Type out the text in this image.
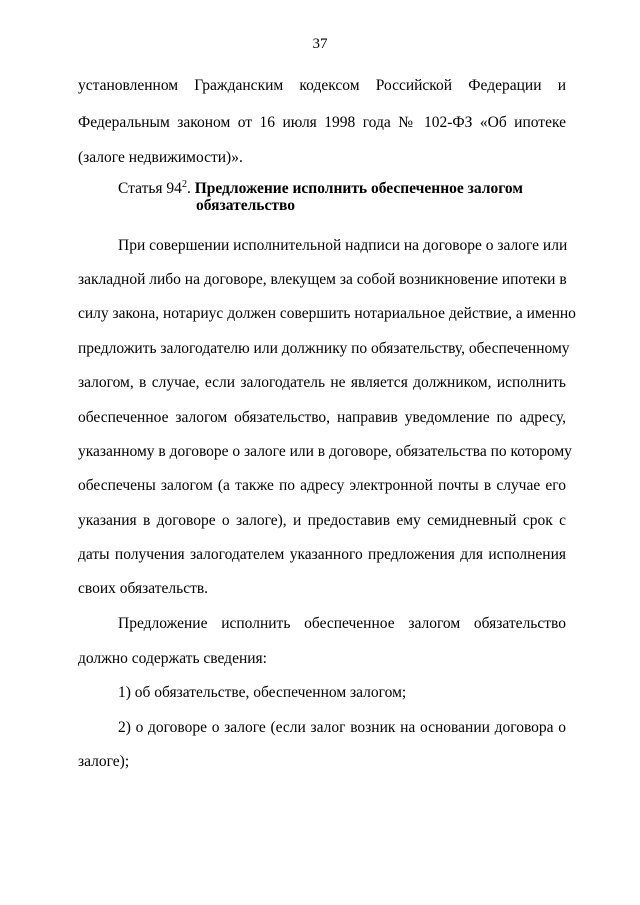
37
установленном Гражданским кодексом Российской Федерации и
Федеральным законом от 16 июля 1998 года № 102-ФЗ «Об ипотеке
(залоге недвижимости)».
Статья $94^2$. Предложение исполнить обеспеченное залогом
обязательство
При совершении исполнительной надписи на договоре о залоге или
закладной либо на договоре, влекущем за собой возникновение ипотеки в
силу закона, нотариус должен совершить нотариальное действие, а именно
предложить залогодателю или должнику по обязательству, обеспеченному
залогом, в случае, если залогодатель не является должником, исполнить
обеспеченное залогом обязательство, направив уведомление по адресу,
указанному в договоре о залоге или в договоре, обязательства по которому
обеспечены залогом (а также по адресу электронной почты в случае его
указания в договоре о залоге), и предоставив ему семидневный срок с
даты получения залогодателем указанного предложения для исполнения
своих обязательств.
Предложение исполнить обеспеченное залогом обязательство
должно содержать сведения:
1) об обязательстве, обеспеченном залогом;
2) о договоре о залоге (если залог возник на основании договора о
залоге);
